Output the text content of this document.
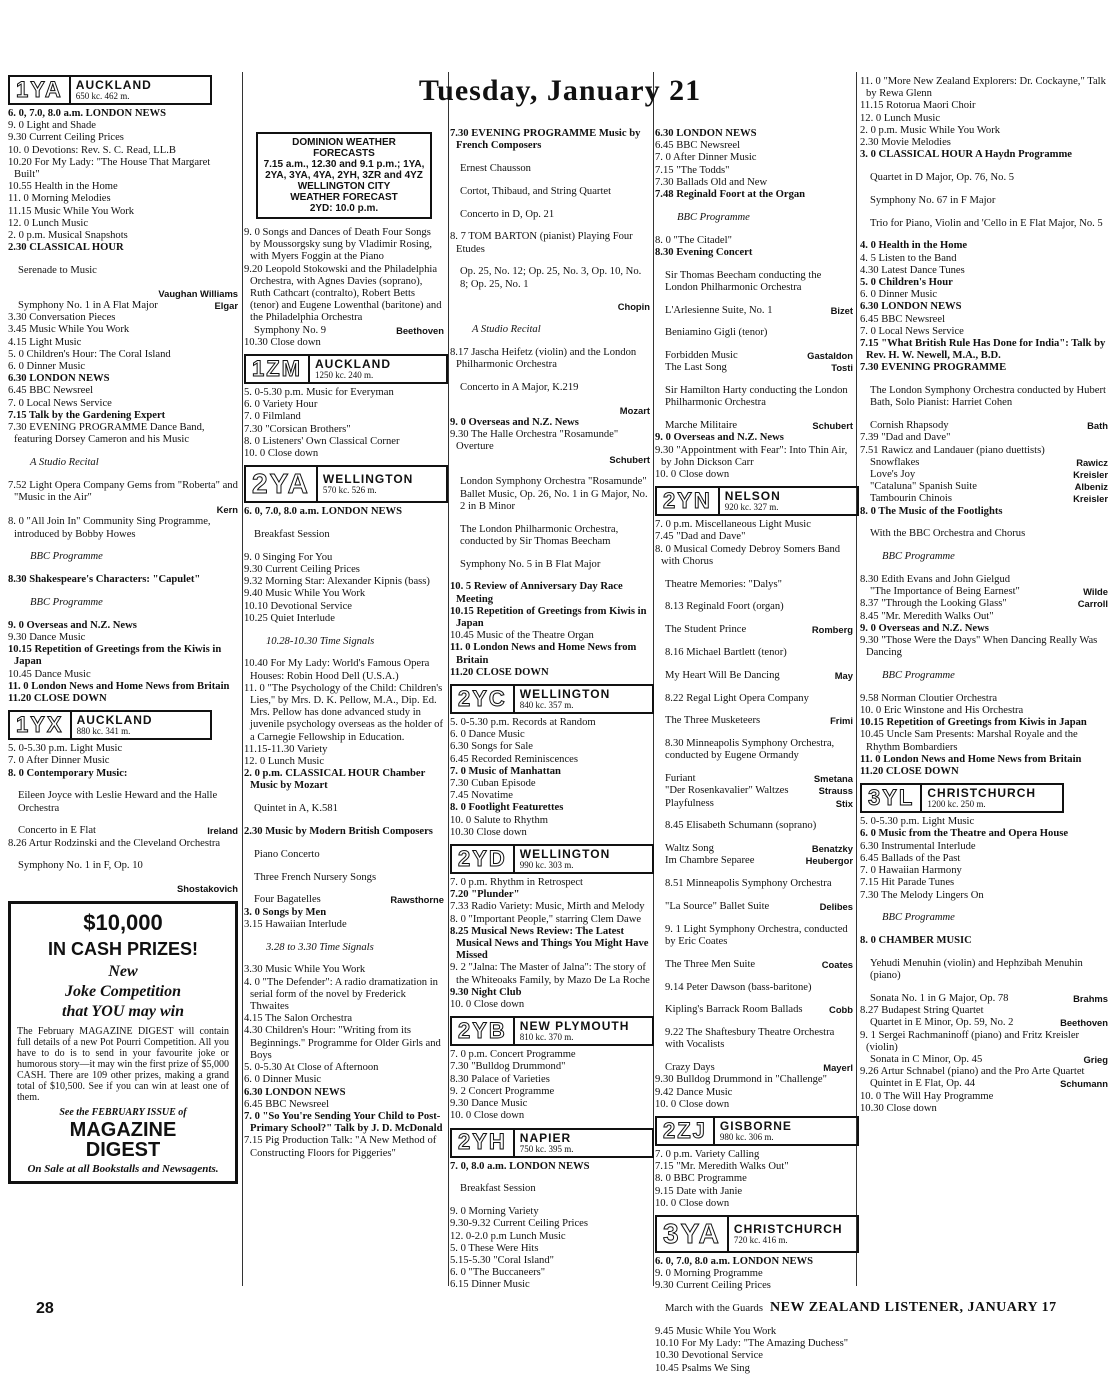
Tuesday, January 21
1YA	AUCKLAND
650 kc. 462 m.

6. 0, 7.0, 8.0 a.m. LONDON NEWS

9. 0 Light and Shade

9.30 Current Ceiling Prices

10. 0 Devotions: Rev. S. C. Read, LL.B

10.20 For My Lady: "The House That Margaret Built"

10.55 Health in the Home

11. 0 Morning Melodies

11.15 Music While You Work

12. 0 Lunch Music

2. 0 p.m. Musical Snapshots

2.30 CLASSICAL HOUR

Serenade to Music

Vaughan Williams
Symphony No. 1 in A Flat Major	Elgar

3.30 Conversation Pieces

3.45 Music While You Work

4.15 Light Music

5. 0 Children's Hour: The Coral Island

6. 0 Dinner Music

6.30 LONDON NEWS

6.45 BBC Newsreel

7. 0 Local News Service

7.15 Talk by the Gardening Expert

7.30 EVENING PROGRAMME Dance Band, featuring Dorsey Cameron and his Music

A Studio Recital

7.52 Light Opera Company Gems from "Roberta" and "Music in the Air"

Kern

8. 0 "All Join In" Community Sing Programme, introduced by Bobby Howes

BBC Programme

8.30 Shakespeare's Characters: "Capulet"

BBC Programme

9. 0 Overseas and N.Z. News

9.30 Dance Music

10.15 Repetition of Greetings from the Kiwis in Japan

10.45 Dance Music

11. 0 London News and Home News from Britain

11.20 CLOSE DOWN

1YX	AUCKLAND
880 kc. 341 m.

5. 0-5.30 p.m. Light Music

7. 0 After Dinner Music

8. 0 Contemporary Music:

Eileen Joyce with Leslie Heward and the Halle Orchestra

Concerto in E Flat	Ireland

8.26 Artur Rodzinski and the Cleveland Orchestra

Symphony No. 1 in F, Op. 10

Shostakovich
$10,000
IN CASH PRIZES!
New
Joke Competition
that YOU may win

The February MAGAZINE DIGEST will contain full details of a new Pot Pourri Competition. All you have to do is to send in your favourite joke or humorous story—it may win the first prize of $5,000 CASH. There are 109 other prizes, making a grand total of $10,500. See if you can win at least one of them.

See the FEBRUARY ISSUE of
MAGAZINE
DIGEST
On Sale at all Bookstalls and Newsagents.
DOMINION WEATHER
FORECASTS
7.15 a.m., 12.30 and 9.1 p.m.; 1YA, 2YA, 3YA, 4YA, 2YH, 3ZR and 4YZ
WELLINGTON CITY
WEATHER FORECAST
2YD: 10.0 p.m.

9. 0 Songs and Dances of Death Four Songs by Moussorgsky sung by Vladimir Rosing, with Myers Foggin at the Piano

9.20 Leopold Stokowski and the Philadelphia Orchestra, with Agnes Davies (soprano), Ruth Cathcart (contralto), Robert Betts (tenor) and Eugene Lowenthal (baritone) and the Philadelphia Orchestra

Symphony No. 9	Beethoven

10.30 Close down

1ZM	AUCKLAND
1250 kc. 240 m.

5. 0-5.30 p.m. Music for Everyman

6. 0 Variety Hour

7. 0 Filmland

7.30 "Corsican Brothers"

8. 0 Listeners' Own Classical Corner

10. 0 Close down

2YA	WELLINGTON
570 kc. 526 m.

6. 0, 7.0, 8.0 a.m. LONDON NEWS

Breakfast Session

9. 0 Singing For You

9.30 Current Ceiling Prices

9.32 Morning Star: Alexander Kipnis (bass)

9.40 Music While You Work

10.10 Devotional Service

10.25 Quiet Interlude

10.28-10.30 Time Signals

10.40 For My Lady: World's Famous Opera Houses: Robin Hood Dell (U.S.A.)

11. 0 "The Psychology of the Child: Children's Lies," by Mrs. D. K. Pellow, M.A., Dip. Ed. Mrs. Pellow has done advanced study in juvenile psychology overseas as the holder of a Carnegie Fellowship in Education.

11.15-11.30 Variety

12. 0 Lunch Music

2. 0 p.m. CLASSICAL HOUR Chamber Music by Mozart

Quintet in A, K.581

2.30 Music by Modern British Composers

Piano Concerto

Three French Nursery Songs

Four Bagatelles	Rawsthorne

3. 0 Songs by Men

3.15 Hawaiian Interlude

3.28 to 3.30 Time Signals

3.30 Music While You Work

4. 0 "The Defender": A radio dramatization in serial form of the novel by Frederick Thwaites

4.15 The Salon Orchestra

4.30 Children's Hour: "Writing from its Beginnings." Programme for Older Girls and Boys

5. 0-5.30 At Close of Afternoon

6. 0 Dinner Music

6.30 LONDON NEWS

6.45 BBC Newsreel

7. 0 "So You're Sending Your Child to Post-Primary School?" Talk by J. D. McDonald

7.15 Pig Production Talk: "A New Method of Constructing Floors for Piggeries"

7.30 EVENING PROGRAMME Music by French Composers

Ernest Chausson

Cortot, Thibaud, and String Quartet

Concerto in D, Op. 21

8. 7 TOM BARTON (pianist) Playing Four Etudes

Op. 25, No. 12; Op. 25, No. 3, Op. 10, No. 8; Op. 25, No. 1

Chopin

A Studio Recital

8.17 Jascha Heifetz (violin) and the London Philharmonic Orchestra

Concerto in A Major, K.219

Mozart

9. 0 Overseas and N.Z. News

9.30 The Halle Orchestra "Rosamunde" Overture

Schubert

London Symphony Orchestra "Rosamunde" Ballet Music, Op. 26, No. 1 in G Major, No. 2 in B Minor

The London Philharmonic Orchestra, conducted by Sir Thomas Beecham

Symphony No. 5 in B Flat Major

10. 5 Review of Anniversary Day Race Meeting

10.15 Repetition of Greetings from Kiwis in Japan

10.45 Music of the Theatre Organ

11. 0 London News and Home News from Britain

11.20 CLOSE DOWN

2YC	WELLINGTON
840 kc. 357 m.

5. 0-5.30 p.m. Records at Random

6. 0 Dance Music

6.30 Songs for Sale

6.45 Recorded Reminiscences

7. 0 Music of Manhattan

7.30 Cuban Episode

7.45 Novatime

8. 0 Footlight Featurettes

10. 0 Salute to Rhythm

10.30 Close down

2YD	WELLINGTON
990 kc. 303 m.

7. 0 p.m. Rhythm in Retrospect

7.20 "Plunder"

7.33 Radio Variety: Music, Mirth and Melody

8. 0 "Important People," starring Clem Dawe

8.25 Musical News Review: The Latest Musical News and Things You Might Have Missed

9. 2 "Jalna: The Master of Jalna": The story of the Whiteoaks Family, by Mazo De La Roche

9.30 Night Club

10. 0 Close down

2YB	NEW PLYMOUTH
810 kc. 370 m.

7. 0 p.m. Concert Programme

7.30 "Bulldog Drummond"

8.30 Palace of Varieties

9. 2 Concert Programme

9.30 Dance Music

10. 0 Close down

2YH	NAPIER
750 kc. 395 m.

7. 0, 8.0 a.m. LONDON NEWS

Breakfast Session

9. 0 Morning Variety

9.30-9.32 Current Ceiling Prices

12. 0-2.0 p.m Lunch Music

5. 0 These Were Hits

5.15-5.30 "Coral Island"

6. 0 "The Buccaneers"

6.15 Dinner Music

6.30 LONDON NEWS

6.45 BBC Newsreel

7. 0 After Dinner Music

7.15 "The Todds"

7.30 Ballads Old and New

7.48 Reginald Foort at the Organ

BBC Programme

8. 0 "The Citadel"

8.30 Evening Concert

Sir Thomas Beecham conducting the London Philharmonic Orchestra

L'Arlesienne Suite, No. 1	Bizet

Beniamino Gigli (tenor)

Forbidden Music	Gastaldon
The Last Song	Tosti

Sir Hamilton Harty conducting the London Philharmonic Orchestra

Marche Militaire	Schubert

9. 0 Overseas and N.Z. News

9.30 "Appointment with Fear": Into Thin Air, by John Dickson Carr

10. 0 Close down

2YN	NELSON
920 kc. 327 m.

7. 0 p.m. Miscellaneous Light Music

7.45 "Dad and Dave"

8. 0 Musical Comedy Debroy Somers Band with Chorus

Theatre Memories: "Dalys"

8.13 Reginald Foort (organ)

The Student Prince	Romberg

8.16 Michael Bartlett (tenor)

My Heart Will Be Dancing	May

8.22 Regal Light Opera Company

The Three Musketeers	Frimi

8.30 Minneapolis Symphony Orchestra, conducted by Eugene Ormandy

Furiant	Smetana
"Der Rosenkavalier" Waltzes	Strauss
Playfulness	Stix

8.45 Elisabeth Schumann (soprano)

Waltz Song	Benatzky
Im Chambre Separee	Heubergor

8.51 Minneapolis Symphony Orchestra

"La Source" Ballet Suite	Delibes

9. 1 Light Symphony Orchestra, conducted by Eric Coates

The Three Men Suite	Coates

9.14 Peter Dawson (bass-baritone)

Kipling's Barrack Room Ballads	Cobb

9.22 The Shaftesbury Theatre Orchestra with Vocalists

Crazy Days	Mayerl

9.30 Bulldog Drummond in "Challenge"

9.42 Dance Music

10. 0 Close down

2ZJ	GISBORNE
980 kc. 306 m.

7. 0 p.m. Variety Calling

7.15 "Mr. Meredith Walks Out"

8. 0 BBC Programme

9.15 Date with Janie

10. 0 Close down

3YA	CHRISTCHURCH
720 kc. 416 m.

6. 0, 7.0, 8.0 a.m. LONDON NEWS

9. 0 Morning Programme

9.30 Current Ceiling Prices

March with the Guards

9.45 Music While You Work

10.10 For My Lady: "The Amazing Duchess"

10.30 Devotional Service

10.45 Psalms We Sing

11. 0 "More New Zealand Explorers: Dr. Cockayne," Talk by Rewa Glenn

11.15 Rotorua Maori Choir

12. 0 Lunch Music

2. 0 p.m. Music While You Work

2.30 Movie Melodies

3. 0 CLASSICAL HOUR A Haydn Programme

Quartet in D Major, Op. 76, No. 5

Symphony No. 67 in F Major

Trio for Piano, Violin and 'Cello in E Flat Major, No. 5

4. 0 Health in the Home

4. 5 Listen to the Band

4.30 Latest Dance Tunes

5. 0 Children's Hour

6. 0 Dinner Music

6.30 LONDON NEWS

6.45 BBC Newsreel

7. 0 Local News Service

7.15 "What British Rule Has Done for India": Talk by Rev. H. W. Newell, M.A., B.D.

7.30 EVENING PROGRAMME

The London Symphony Orchestra conducted by Hubert Bath, Solo Pianist: Harriet Cohen

Cornish Rhapsody	Bath

7.39 "Dad and Dave"

7.51 Rawicz and Landauer (piano duettists)

Snowflakes	Rawicz
Love's Joy	Kreisler
"Cataluna" Spanish Suite	Albeniz
Tambourin Chinois	Kreisler

8. 0 The Music of the Footlights

With the BBC Orchestra and Chorus

BBC Programme

8.30 Edith Evans and John Gielgud

"The Importance of Being Earnest"	Wilde
8.37 "Through the Looking Glass"	Carroll

8.45 "Mr. Meredith Walks Out"

9. 0 Overseas and N.Z. News

9.30 "Those Were the Days" When Dancing Really Was Dancing

BBC Programme

9.58 Norman Cloutier Orchestra

10. 0 Eric Winstone and His Orchestra

10.15 Repetition of Greetings from Kiwis in Japan

10.45 Uncle Sam Presents: Marshal Royale and the Rhythm Bombardiers

11. 0 London News and Home News from Britain

11.20 CLOSE DOWN

3YL	CHRISTCHURCH
1200 kc. 250 m.

5. 0-5.30 p.m. Light Music

6. 0 Music from the Theatre and Opera House

6.30 Instrumental Interlude

6.45 Ballads of the Past

7. 0 Hawaiian Harmony

7.15 Hit Parade Tunes

7.30 The Melody Lingers On

BBC Programme

8. 0 CHAMBER MUSIC

Yehudi Menuhin (violin) and Hephzibah Menuhin (piano)

Sonata No. 1 in G Major, Op. 78	Brahms

8.27 Budapest String Quartet

Quartet in E Minor, Op. 59, No. 2	Beethoven

9. 1 Sergei Rachmaninoff (piano) and Fritz Kreisler (violin)

Sonata in C Minor, Op. 45	Grieg

9.26 Artur Schnabel (piano) and the Pro Arte Quartet

Quintet in E Flat, Op. 44	Schumann

10. 0 The Will Hay Programme

10.30 Close down

28	NEW ZEALAND LISTENER, JANUARY 17
